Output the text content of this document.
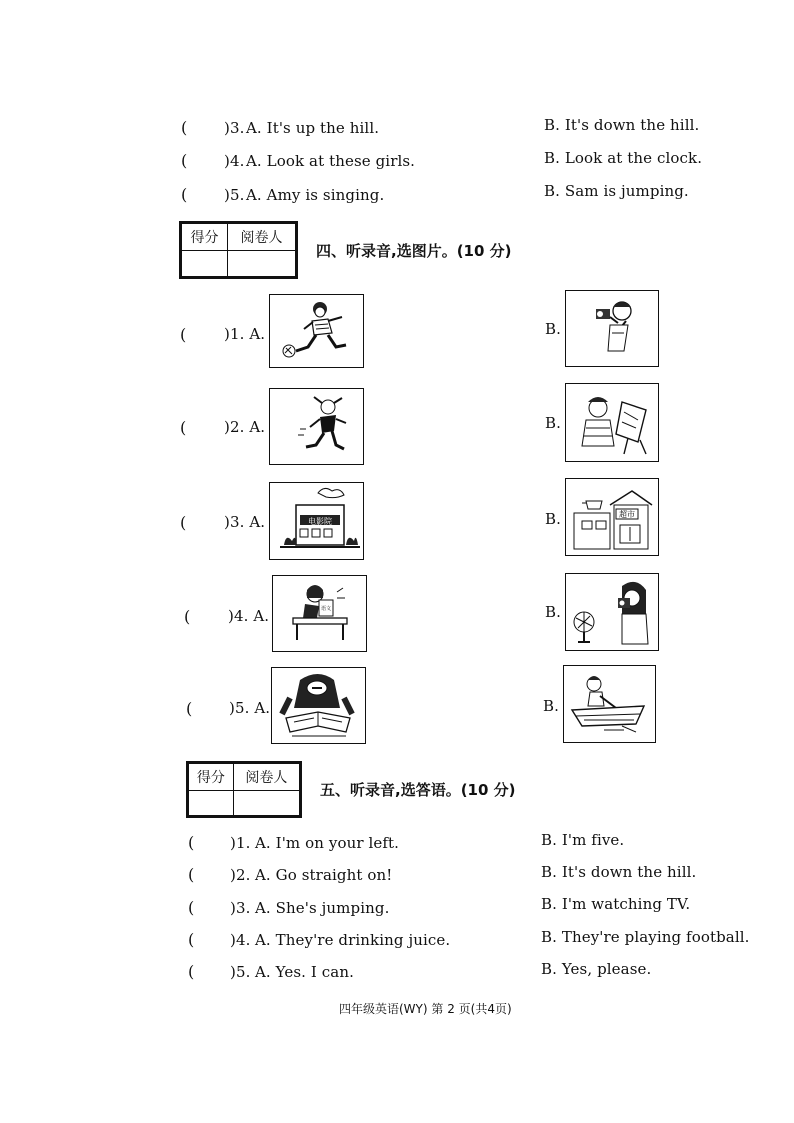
( )3. A. It's up the hill.	B. It's down the hill.
( )4. A. Look at these girls.	B. Look at the clock.
( )5. A. Amy is singing.	B. Sam is jumping.
得分	阅卷人

四、听录音,选图片。(10 分)
(	)1. A.	B.
(	)2. A.	B.
(	)3. A.	电影院	B.	超市
(	)4. A.	语文	B.
( )5. A.	B.
得分	阅卷人

五、听录音,选答语。(10 分)
( )1. A. I'm on your left.	B. I'm five.
( )2. A. Go straight on!	B. It's down the hill.
( )3. A. She's jumping.	B. I'm watching TV.
( )4. A. They're drinking juice.	B. They're playing football.
( )5. A. Yes. I can.	B. Yes, please.
四年级英语(WY) 第 2 页(共4页)
